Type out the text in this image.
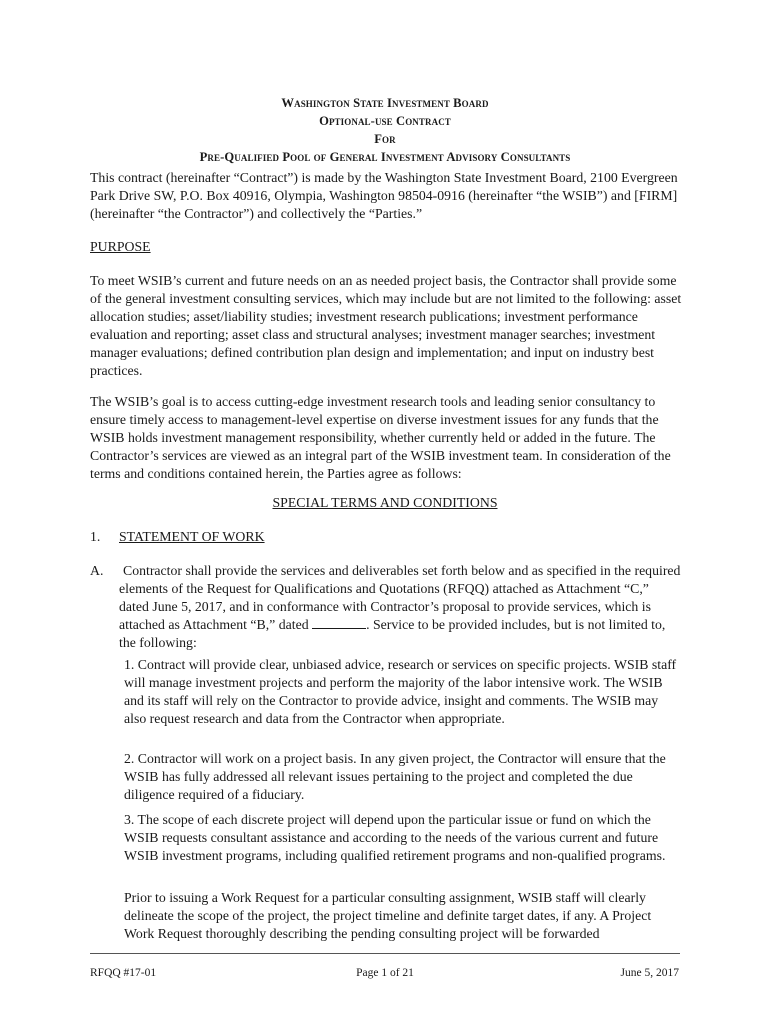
Washington State Investment Board

Optional-use Contract

For

Pre-Qualified Pool of General Investment Advisory Consultants

This contract (hereinafter “Contract”) is made by the Washington State Investment Board, 2100 Evergreen Park Drive SW, P.O. Box 40916, Olympia, Washington 98504-0916 (hereinafter “the WSIB”) and [FIRM] (hereinafter “the Contractor”) and collectively the “Parties.”

PURPOSE

To meet WSIB’s current and future needs on an as needed project basis, the Contractor shall provide some of the general investment consulting services, which may include but are not limited to the following: asset allocation studies; asset/liability studies; investment research publications; investment performance evaluation and reporting; asset class and structural analyses; investment manager searches; investment manager evaluations; defined contribution plan design and implementation; and input on industry best practices.

The WSIB’s goal is to access cutting-edge investment research tools and leading senior consultancy to ensure timely access to management-level expertise on diverse investment issues for any funds that the WSIB holds investment management responsibility, whether currently held or added in the future. The Contractor’s services are viewed as an integral part of the WSIB investment team. In consideration of the terms and conditions contained herein, the Parties agree as follows:

SPECIAL TERMS AND CONDITIONS

1.	STATEMENT OF WORK

A.	Contractor shall provide the services and deliverables set forth below and as specified in the required elements of the Request for Qualifications and Quotations (RFQQ) attached as Attachment “C,” dated June 5, 2017, and in conformance with Contractor’s proposal to provide services, which is attached as Attachment “B,” dated	. Service to be provided includes, but is not limited to, the following:

1. Contract will provide clear, unbiased advice, research or services on specific projects. WSIB staff will manage investment projects and perform the majority of the labor intensive work. The WSIB and its staff will rely on the Contractor to provide advice, insight and comments. The WSIB may also request research and data from the Contractor when appropriate.

2. Contractor will work on a project basis. In any given project, the Contractor will ensure that the WSIB has fully addressed all relevant issues pertaining to the project and completed the due diligence required of a fiduciary.

3. The scope of each discrete project will depend upon the particular issue or fund on which the WSIB requests consultant assistance and according to the needs of the various current and future WSIB investment programs, including qualified retirement programs and non-qualified programs.

Prior to issuing a Work Request for a particular consulting assignment, WSIB staff will clearly delineate the scope of the project, the project timeline and definite target dates, if any. A Project Work Request thoroughly describing the pending consulting project will be forwarded

RFQQ #17-01	Page 1 of 21	June 5, 2017
